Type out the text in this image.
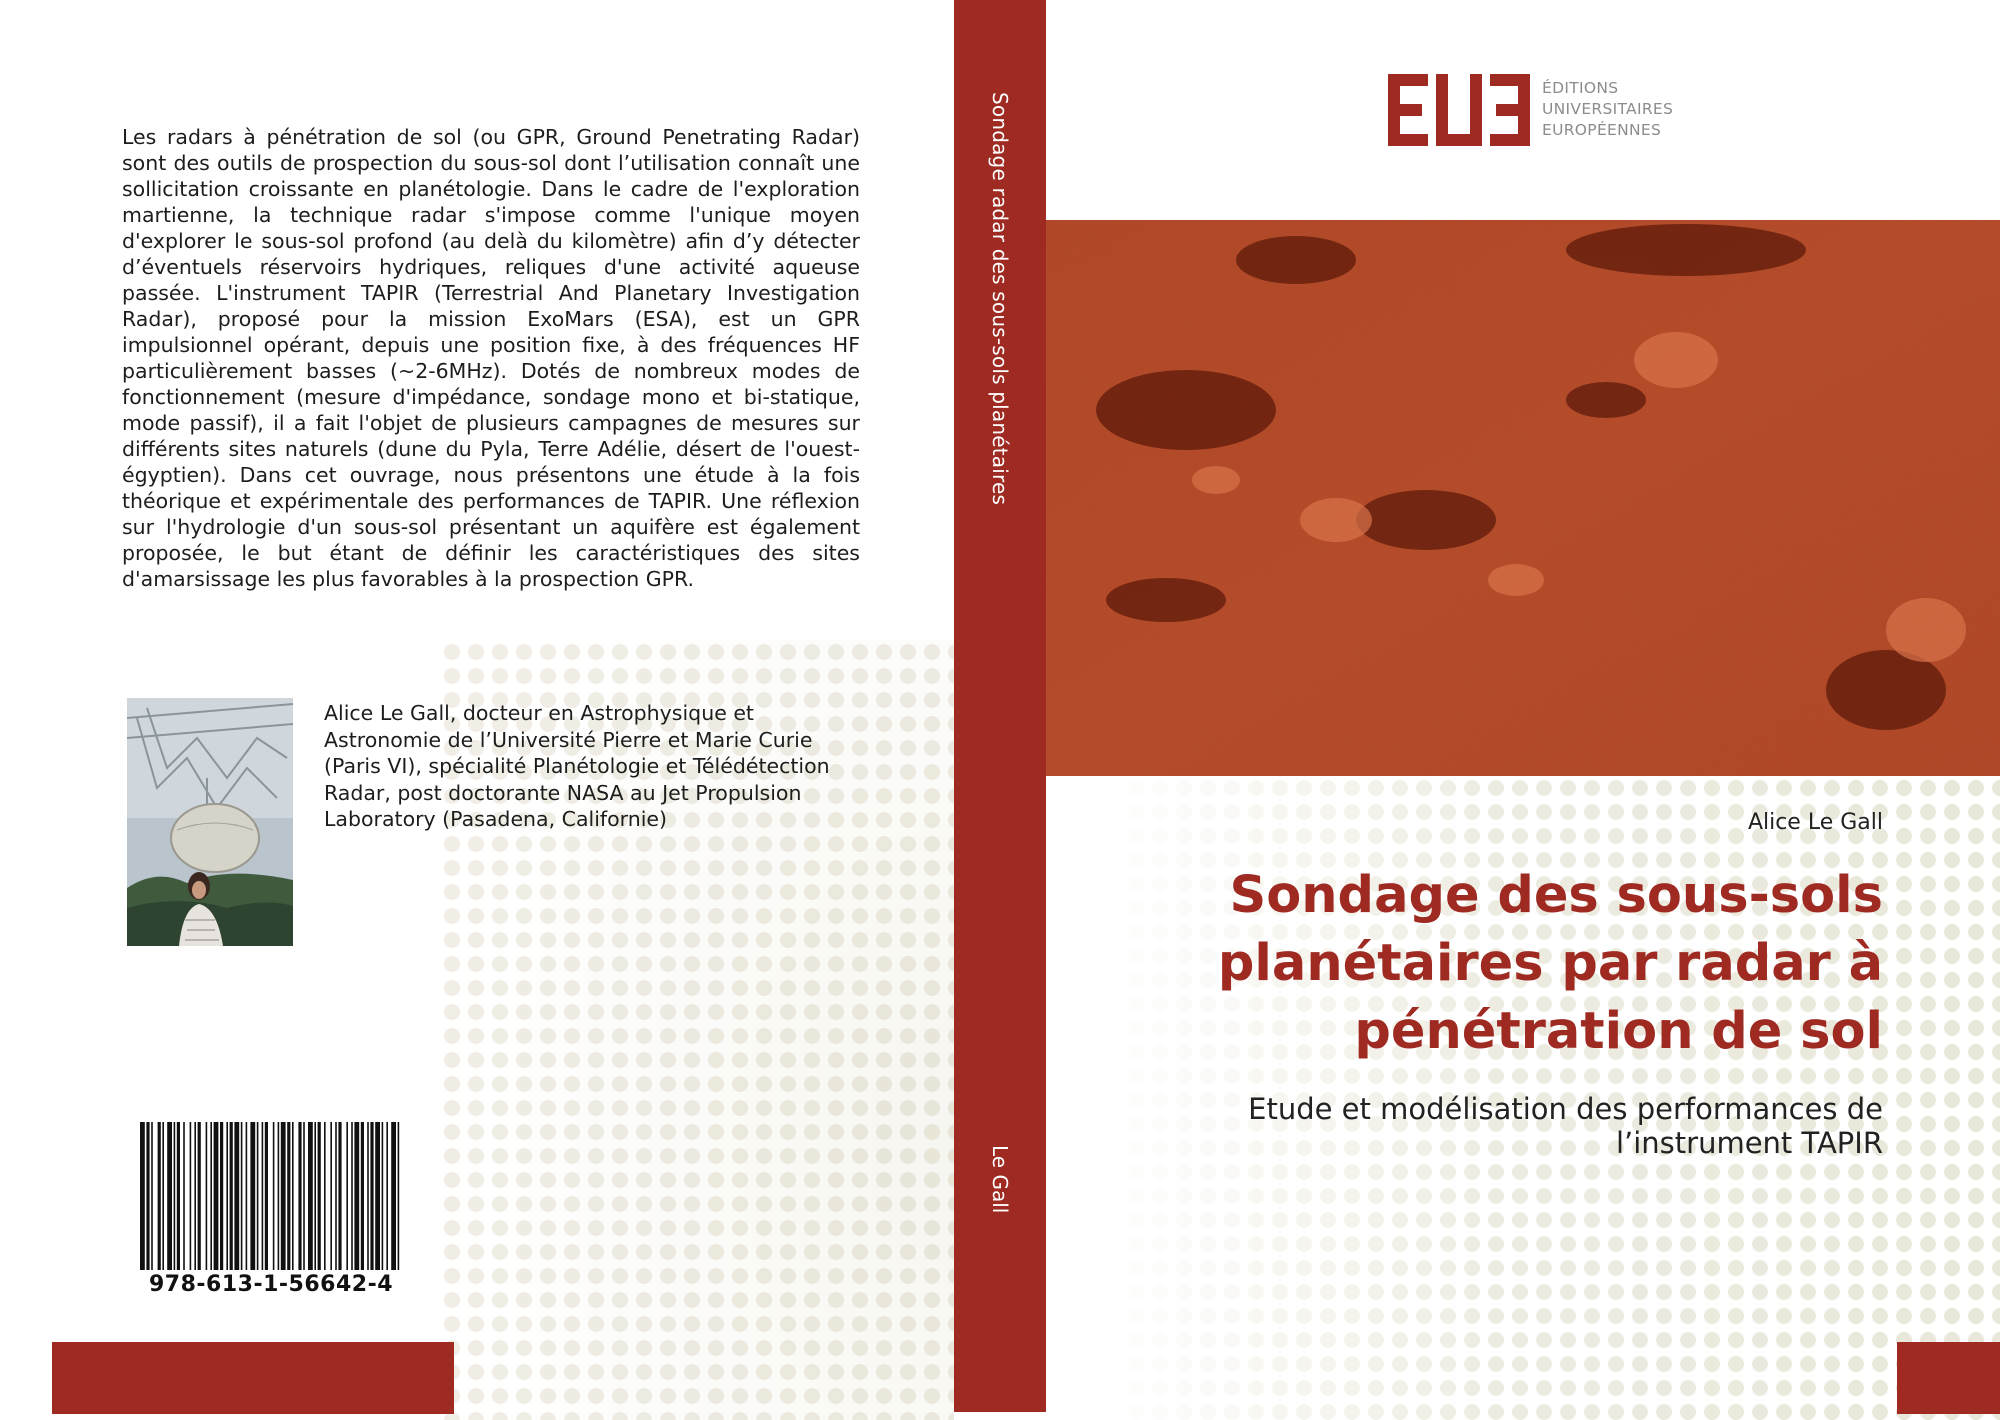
Les radars à pénétration de sol (ou GPR, Ground Penetrating Radar) sont des outils de prospection du sous-sol dont l’utilisation connaît une sollicitation croissante en planétologie. Dans le cadre de l'exploration martienne, la technique radar s'impose comme l'unique moyen d'explorer le sous-sol profond (au delà du kilomètre) afin d’y détecter d’éventuels réservoirs hydriques, reliques d'une activité aqueuse passée. L'instrument TAPIR (Terrestrial And Planetary Investigation Radar), proposé pour la mission ExoMars (ESA), est un GPR impulsionnel opérant, depuis une position fixe, à des fréquences HF particulièrement basses (~2-6MHz). Dotés de nombreux modes de fonctionnement (mesure d'impédance, sondage mono et bi-statique, mode passif), il a fait l'objet de plusieurs campagnes de mesures sur différents sites naturels (dune du Pyla, Terre Adélie, désert de l'ouest-égyptien). Dans cet ouvrage, nous présentons une étude à la fois théorique et expérimentale des performances de TAPIR. Une réflexion sur l'hydrologie d'un sous-sol présentant un aquifère est également proposée, le but étant de définir les caractéristiques des sites d'amarsissage les plus favorables à la prospection GPR.

Alice Le Gall, docteur en Astrophysique et Astronomie de l’Université Pierre et Marie Curie (Paris VI), spécialité Planétologie et Télédétection Radar, post doctorante NASA au Jet Propulsion Laboratory (Pasadena, Californie)

978-613-1-56642-4
Sondage radar des sous-sols planétaires
Le Gall
ÉDITIONS
UNIVERSITAIRES
EUROPÉENNES
Alice Le Gall
Sondage des sous-sols planétaires par radar à pénétration de sol

Etude et modélisation des performances de l’instrument TAPIR
